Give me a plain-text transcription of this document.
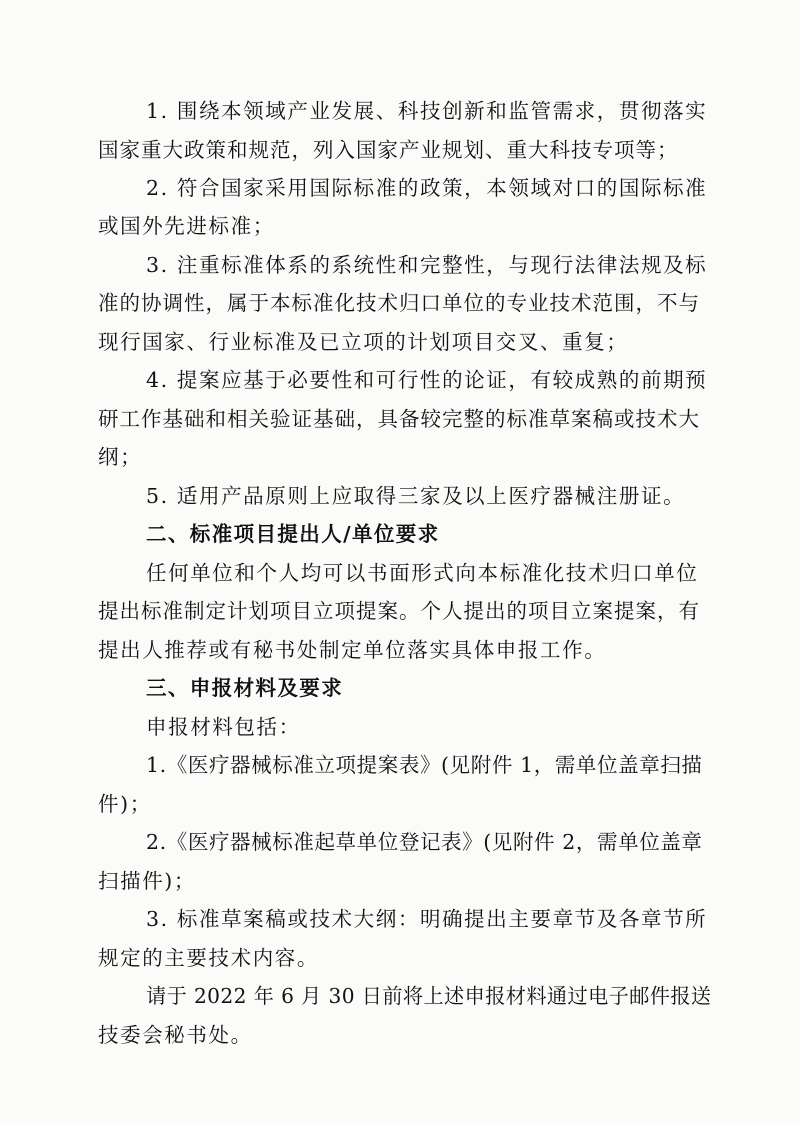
1. 围绕本领域产业发展、科技创新和监管需求，贯彻落实
国家重大政策和规范，列入国家产业规划、重大科技专项等；
2. 符合国家采用国际标准的政策，本领域对口的国际标准
或国外先进标准；
3. 注重标准体系的系统性和完整性，与现行法律法规及标
准的协调性，属于本标准化技术归口单位的专业技术范围，不与
现行国家、行业标准及已立项的计划项目交叉、重复；
4. 提案应基于必要性和可行性的论证，有较成熟的前期预
研工作基础和相关验证基础，具备较完整的标准草案稿或技术大
纲；
5. 适用产品原则上应取得三家及以上医疗器械注册证。
二、标准项目提出人/单位要求
任何单位和个人均可以书面形式向本标准化技术归口单位
提出标准制定计划项目立项提案。个人提出的项目立案提案，有
提出人推荐或有秘书处制定单位落实具体申报工作。
三、申报材料及要求
申报材料包括：
1.《医疗器械标准立项提案表》(见附件 1，需单位盖章扫描
件)；
2.《医疗器械标准起草单位登记表》(见附件 2，需单位盖章
扫描件)；
3. 标准草案稿或技术大纲：明确提出主要章节及各章节所
规定的主要技术内容。
请于 2022 年 6 月 30 日前将上述申报材料通过电子邮件报送
技委会秘书处。
